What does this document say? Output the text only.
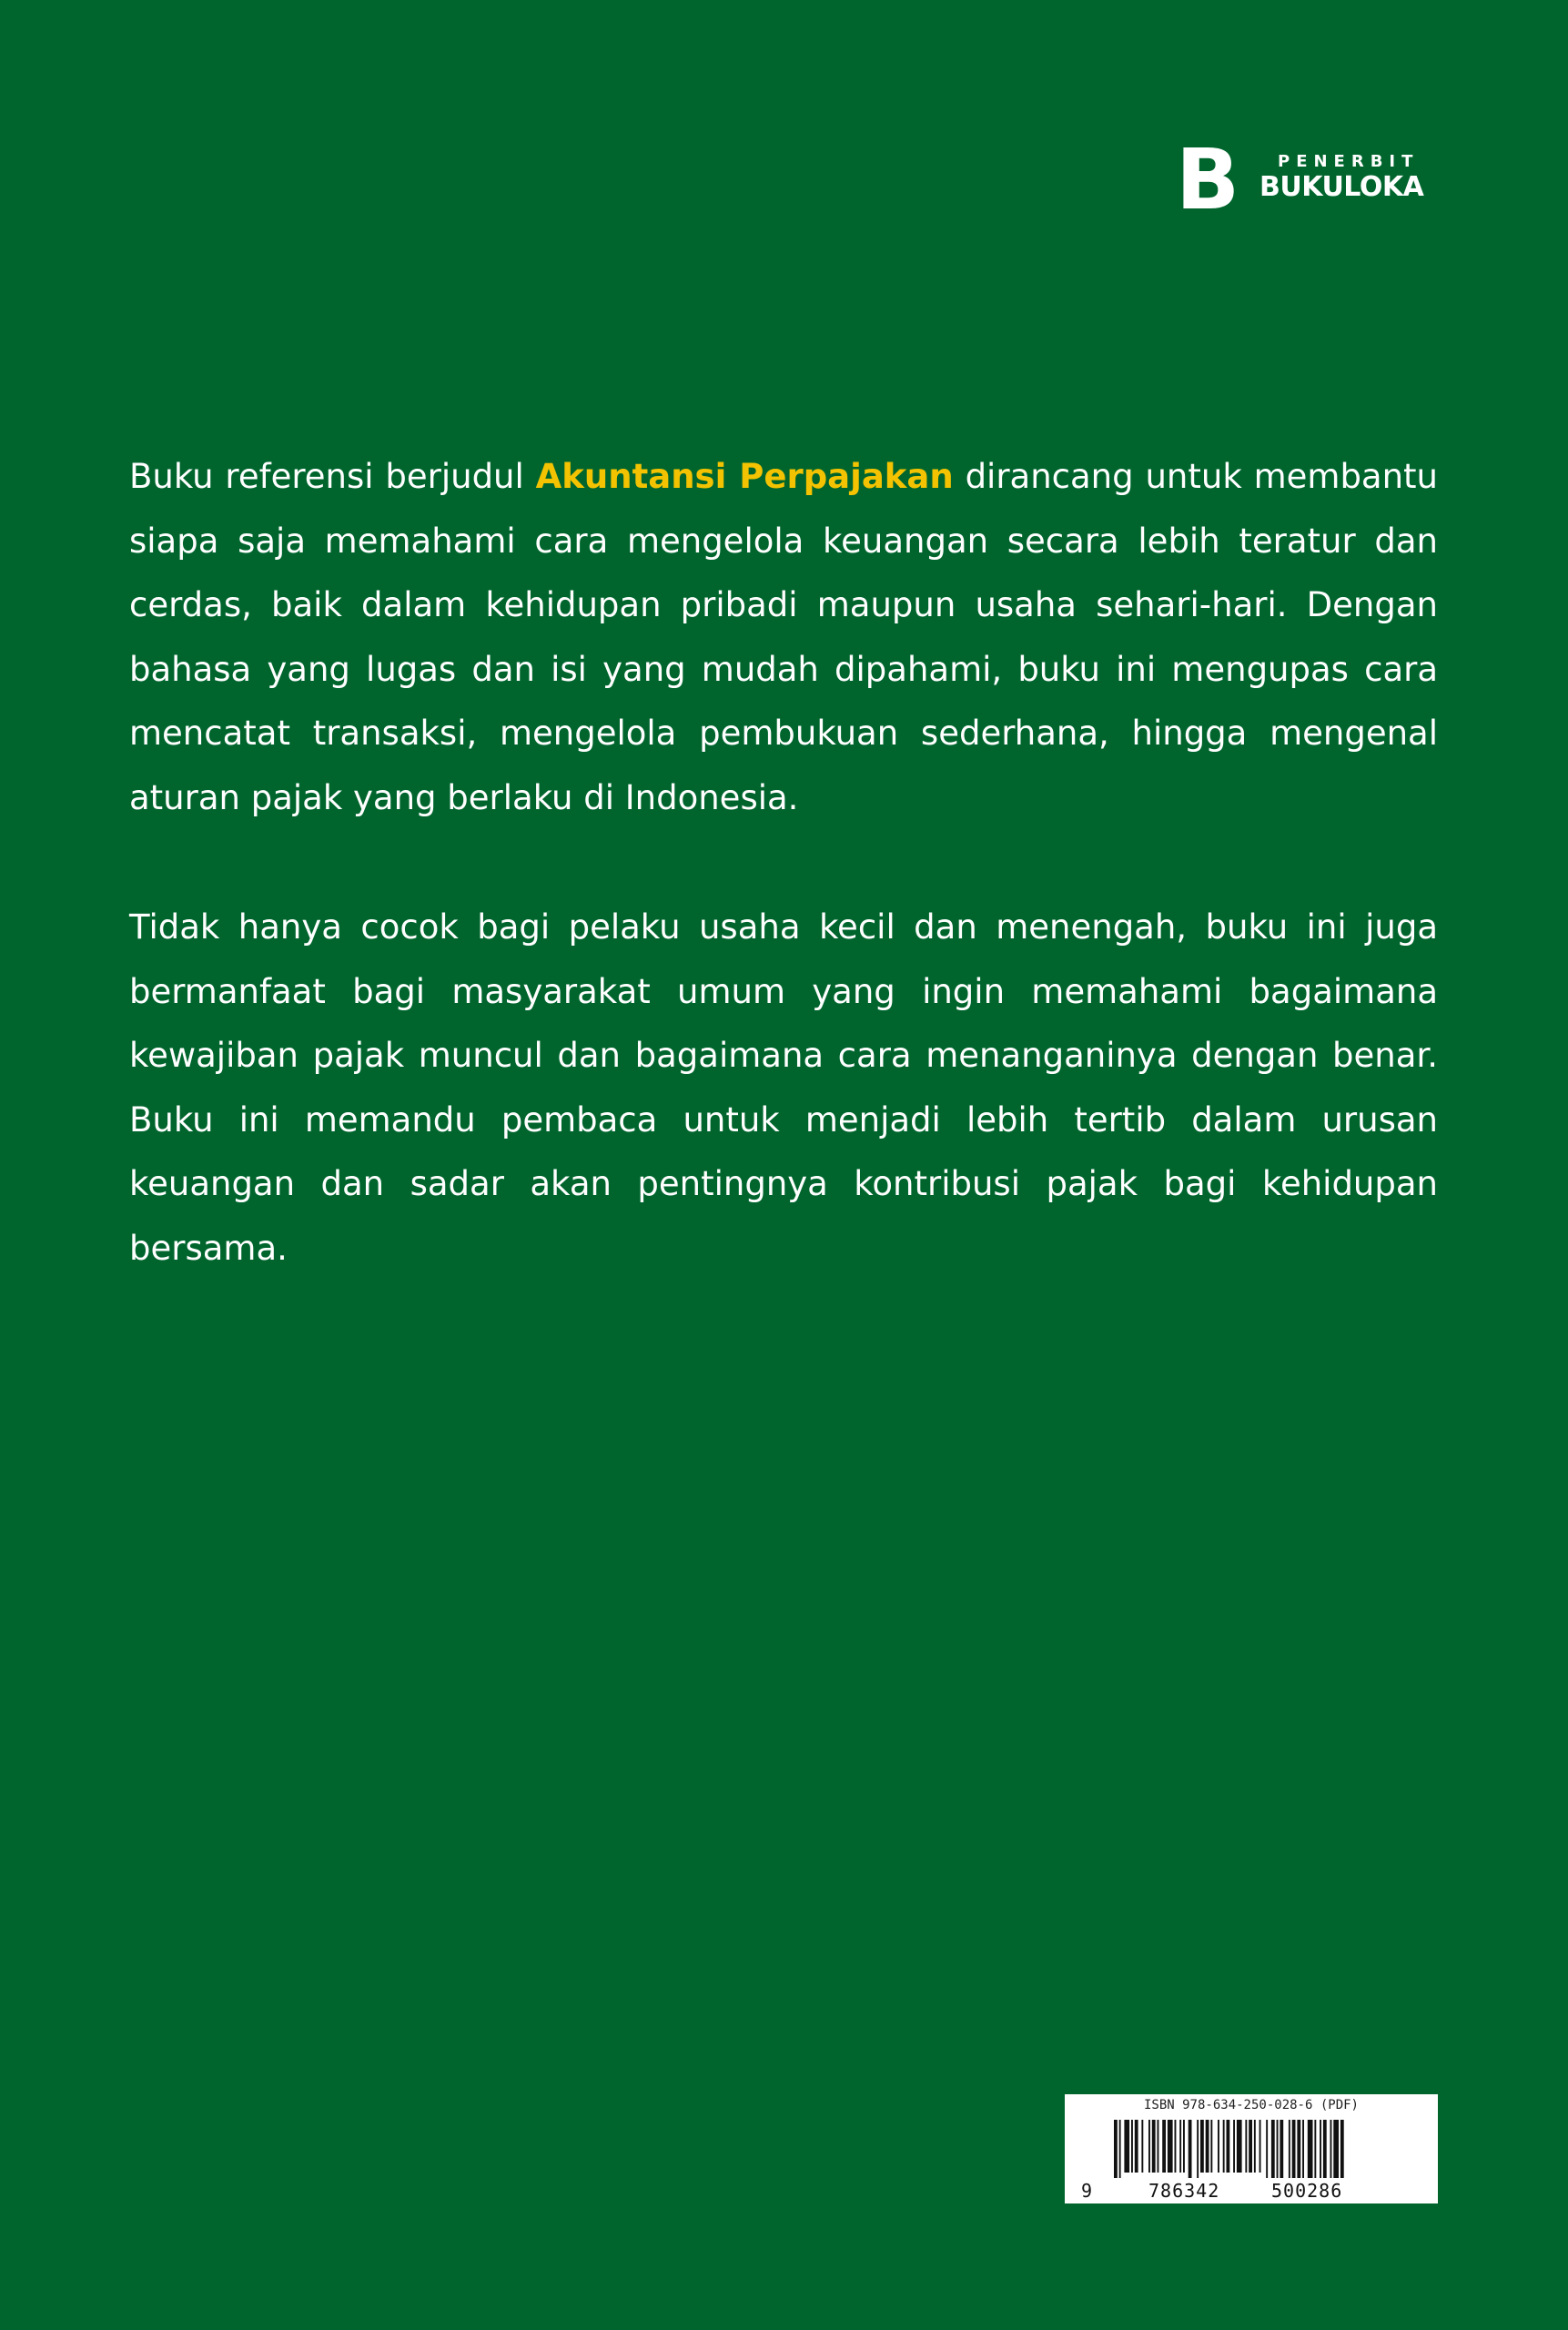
B PENERBIT
BUKULOKA

Buku referensi berjudul Akuntansi Perpajakan dirancang untuk membantu siapa saja memahami cara mengelola keuangan secara lebih teratur dan cerdas, baik dalam kehidupan pribadi maupun usaha sehari-hari. Dengan bahasa yang lugas dan isi yang mudah dipahami, buku ini mengupas cara mencatat transaksi, mengelola pembukuan sederhana, hingga mengenal aturan pajak yang berlaku di Indonesia.

Tidak hanya cocok bagi pelaku usaha kecil dan menengah, buku ini juga bermanfaat bagi masyarakat umum yang ingin memahami bagaimana kewajiban pajak muncul dan bagaimana cara menanganinya dengan benar. Buku ini memandu pembaca untuk menjadi lebih tertib dalam urusan keuangan dan sadar akan pentingnya kontribusi pajak bagi kehidupan bersama.

ISBN 978-634-250-028-6 (PDF)
9	786342	500286
